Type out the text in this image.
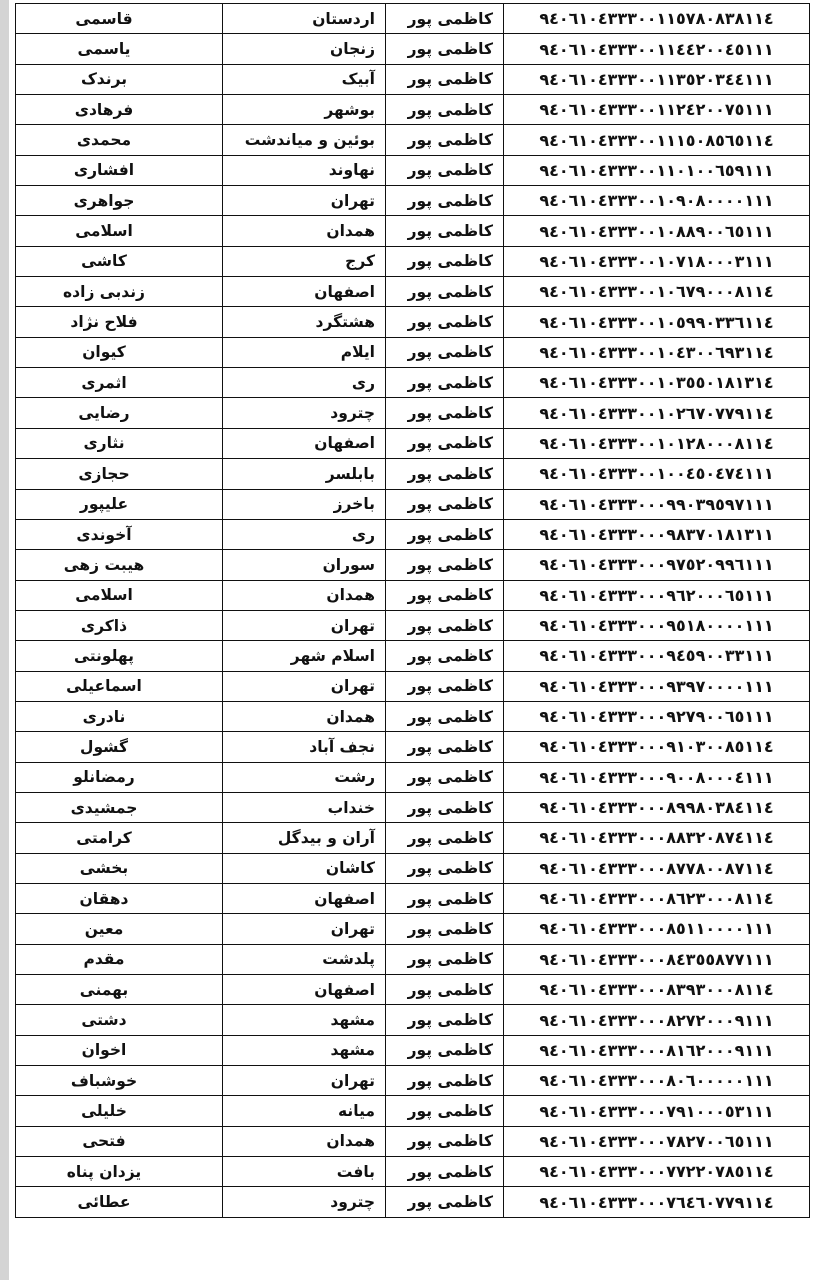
قاسمی	اردستان	کاظمی پور	٩٤٠٦١٠٤٣٣٣٠٠١١٥٧٨٠٨٣٨١١٤
یاسمی	زنجان	کاظمی پور	٩٤٠٦١٠٤٣٣٣٠٠١١٤٤٢٠٠٤٥١١١
برندک	آبیک	کاظمی پور	٩٤٠٦١٠٤٣٣٣٠٠١١٣٥٢٠٣٤٤١١١
فرهادی	بوشهر	کاظمی پور	٩٤٠٦١٠٤٣٣٣٠٠١١٢٤٢٠٠٧٥١١١
محمدی	بوئین و میاندشت	کاظمی پور	٩٤٠٦١٠٤٣٣٣٠٠١١١٥٠٨٥٦٥١١٤
افشاری	نهاوند	کاظمی پور	٩٤٠٦١٠٤٣٣٣٠٠١١٠١٠٠٦٥٩١١١
جواهری	تهران	کاظمی پور	٩٤٠٦١٠٤٣٣٣٠٠١٠٩٠٨٠٠٠٠١١١
اسلامی	همدان	کاظمی پور	٩٤٠٦١٠٤٣٣٣٠٠١٠٨٨٩٠٠٦٥١١١
کاشی	کرج	کاظمی پور	٩٤٠٦١٠٤٣٣٣٠٠١٠٧١٨٠٠٠٣١١١
زندبی زاده	اصفهان	کاظمی پور	٩٤٠٦١٠٤٣٣٣٠٠١٠٦٧٩٠٠٠٨١١٤
فلاح نژاد	هشتگرد	کاظمی پور	٩٤٠٦١٠٤٣٣٣٠٠١٠٥٩٩٠٣٣٦١١٤
کیوان	ایلام	کاظمی پور	٩٤٠٦١٠٤٣٣٣٠٠١٠٤٣٠٠٦٩٣١١٤
اثمری	ری	کاظمی پور	٩٤٠٦١٠٤٣٣٣٠٠١٠٣٥٥٠١٨١٣١٤
رضایی	چترود	کاظمی پور	٩٤٠٦١٠٤٣٣٣٠٠١٠٢٦٧٠٧٧٩١١٤
نثاری	اصفهان	کاظمی پور	٩٤٠٦١٠٤٣٣٣٠٠١٠١٢٨٠٠٠٨١١٤
حجازی	بابلسر	کاظمی پور	٩٤٠٦١٠٤٣٣٣٠٠١٠٠٤٥٠٤٧٤١١١
علیپور	باخرز	کاظمی پور	٩٤٠٦١٠٤٣٣٣٠٠٠٩٩٠٣٩٥٩٧١١١
آخوندی	ری	کاظمی پور	٩٤٠٦١٠٤٣٣٣٠٠٠٩٨٣٧٠١٨١٣١١
هیبت زهی	سوران	کاظمی پور	٩٤٠٦١٠٤٣٣٣٠٠٠٩٧٥٢٠٩٩٦١١١
اسلامی	همدان	کاظمی پور	٩٤٠٦١٠٤٣٣٣٠٠٠٩٦٢٠٠٠٦٥١١١
ذاکری	تهران	کاظمی پور	٩٤٠٦١٠٤٣٣٣٠٠٠٩٥١٨٠٠٠٠١١١
پهلونتی	اسلام شهر	کاظمی پور	٩٤٠٦١٠٤٣٣٣٠٠٠٩٤٥٩٠٠٣٣١١١
اسماعیلی	تهران	کاظمی پور	٩٤٠٦١٠٤٣٣٣٠٠٠٩٣٩٧٠٠٠٠١١١
نادری	همدان	کاظمی پور	٩٤٠٦١٠٤٣٣٣٠٠٠٩٢٧٩٠٠٦٥١١١
گشول	نجف آباد	کاظمی پور	٩٤٠٦١٠٤٣٣٣٠٠٠٩١٠٣٠٠٨٥١١٤
رمضانلو	رشت	کاظمی پور	٩٤٠٦١٠٤٣٣٣٠٠٠٩٠٠٨٠٠٠٤١١١
جمشیدی	خنداب	کاظمی پور	٩٤٠٦١٠٤٣٣٣٠٠٠٨٩٩٨٠٣٨٤١١٤
کرامتی	آران و بیدگل	کاظمی پور	٩٤٠٦١٠٤٣٣٣٠٠٠٨٨٣٢٠٨٧٤١١٤
بخشی	کاشان	کاظمی پور	٩٤٠٦١٠٤٣٣٣٠٠٠٨٧٧٨٠٠٨٧١١٤
دهقان	اصفهان	کاظمی پور	٩٤٠٦١٠٤٣٣٣٠٠٠٨٦٢٣٠٠٠٨١١٤
معین	تهران	کاظمی پور	٩٤٠٦١٠٤٣٣٣٠٠٠٨٥١١٠٠٠٠١١١
مقدم	پلدشت	کاظمی پور	٩٤٠٦١٠٤٣٣٣٠٠٠٨٤٣٥٥٨٧٧١١١
بهمنی	اصفهان	کاظمی پور	٩٤٠٦١٠٤٣٣٣٠٠٠٨٣٩٣٠٠٠٨١١٤
دشتی	مشهد	کاظمی پور	٩٤٠٦١٠٤٣٣٣٠٠٠٨٢٧٢٠٠٠٩١١١
اخوان	مشهد	کاظمی پور	٩٤٠٦١٠٤٣٣٣٠٠٠٨١٦٢٠٠٠٩١١١
خوشباف	تهران	کاظمی پور	٩٤٠٦١٠٤٣٣٣٠٠٠٨٠٦٠٠٠٠٠١١١
خلیلی	میانه	کاظمی پور	٩٤٠٦١٠٤٣٣٣٠٠٠٧٩١٠٠٠٥٣١١١
فتحی	همدان	کاظمی پور	٩٤٠٦١٠٤٣٣٣٠٠٠٧٨٢٧٠٠٦٥١١١
یزدان پناه	بافت	کاظمی پور	٩٤٠٦١٠٤٣٣٣٠٠٠٧٧٢٢٠٧٨٥١١٤
عطائی	چترود	کاظمی پور	٩٤٠٦١٠٤٣٣٣٠٠٠٧٦٤٦٠٧٧٩١١٤
